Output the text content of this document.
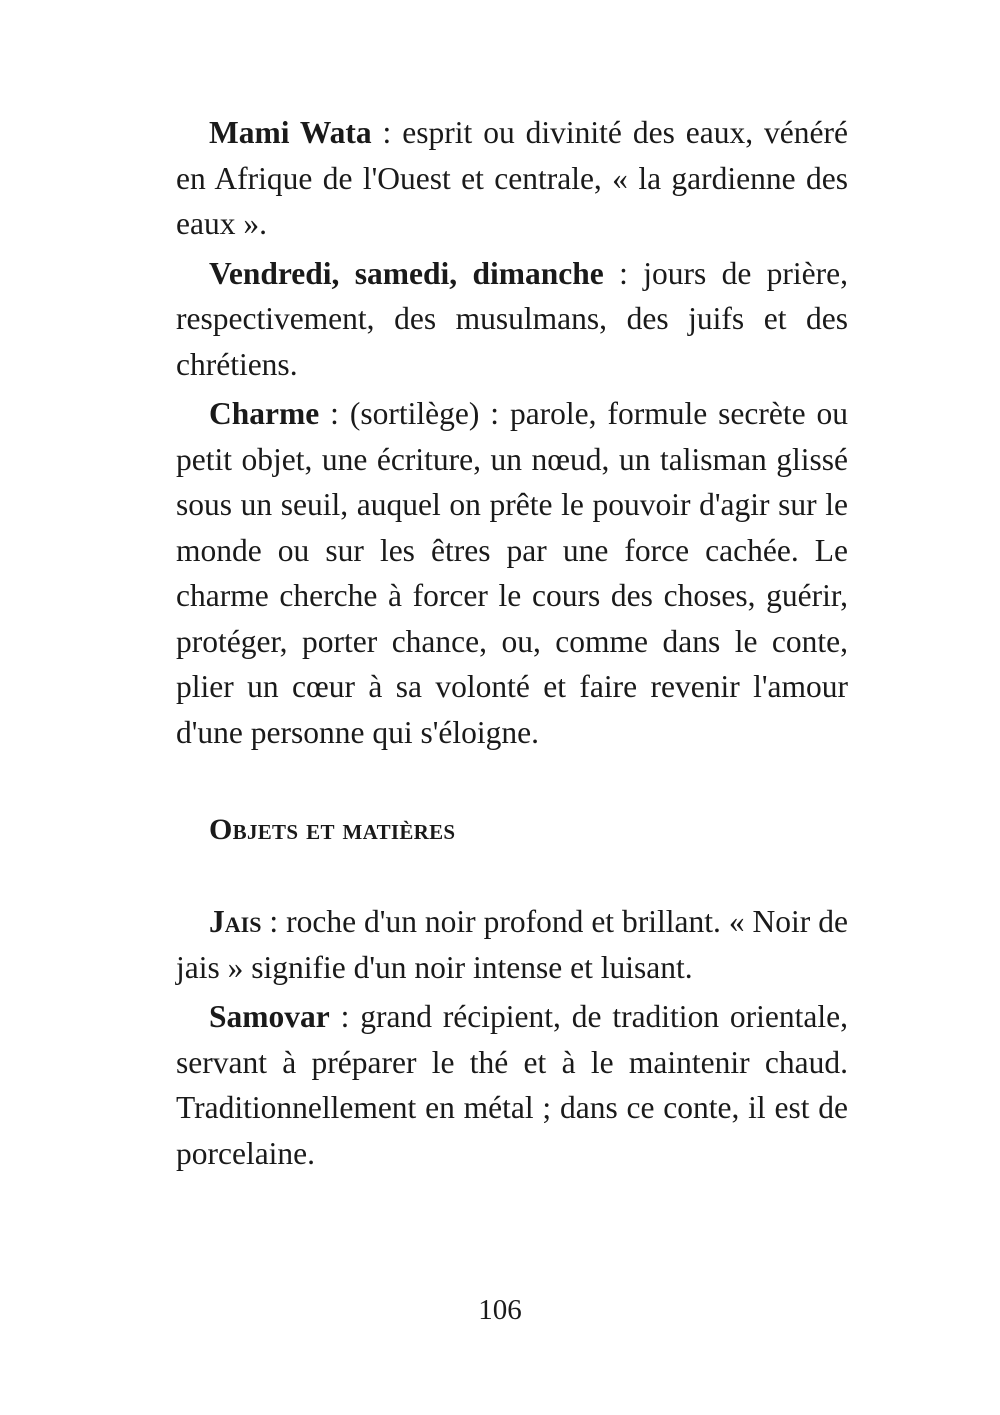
Mami Wata : esprit ou divinité des eaux, vénéré en Afrique de l'Ouest et centrale, « la gardienne des eaux ».

Vendredi, samedi, dimanche : jours de prière, respectivement, des musulmans, des juifs et des chrétiens.

Charme : (sortilège) : parole, formule secrète ou petit objet, une écriture, un nœud, un talisman glissé sous un seuil, auquel on prête le pouvoir d'agir sur le monde ou sur les êtres par une force cachée. Le charme cherche à forcer le cours des choses, guérir, protéger, porter chance, ou, comme dans le conte, plier un cœur à sa volonté et faire revenir l'amour d'une personne qui s'éloigne.

Objets et matières

Jais : roche d'un noir profond et brillant. « Noir de jais » signifie d'un noir intense et luisant.

Samovar : grand récipient, de tradition orientale, servant à préparer le thé et à le maintenir chaud. Traditionnellement en métal ; dans ce conte, il est de porcelaine.

106
